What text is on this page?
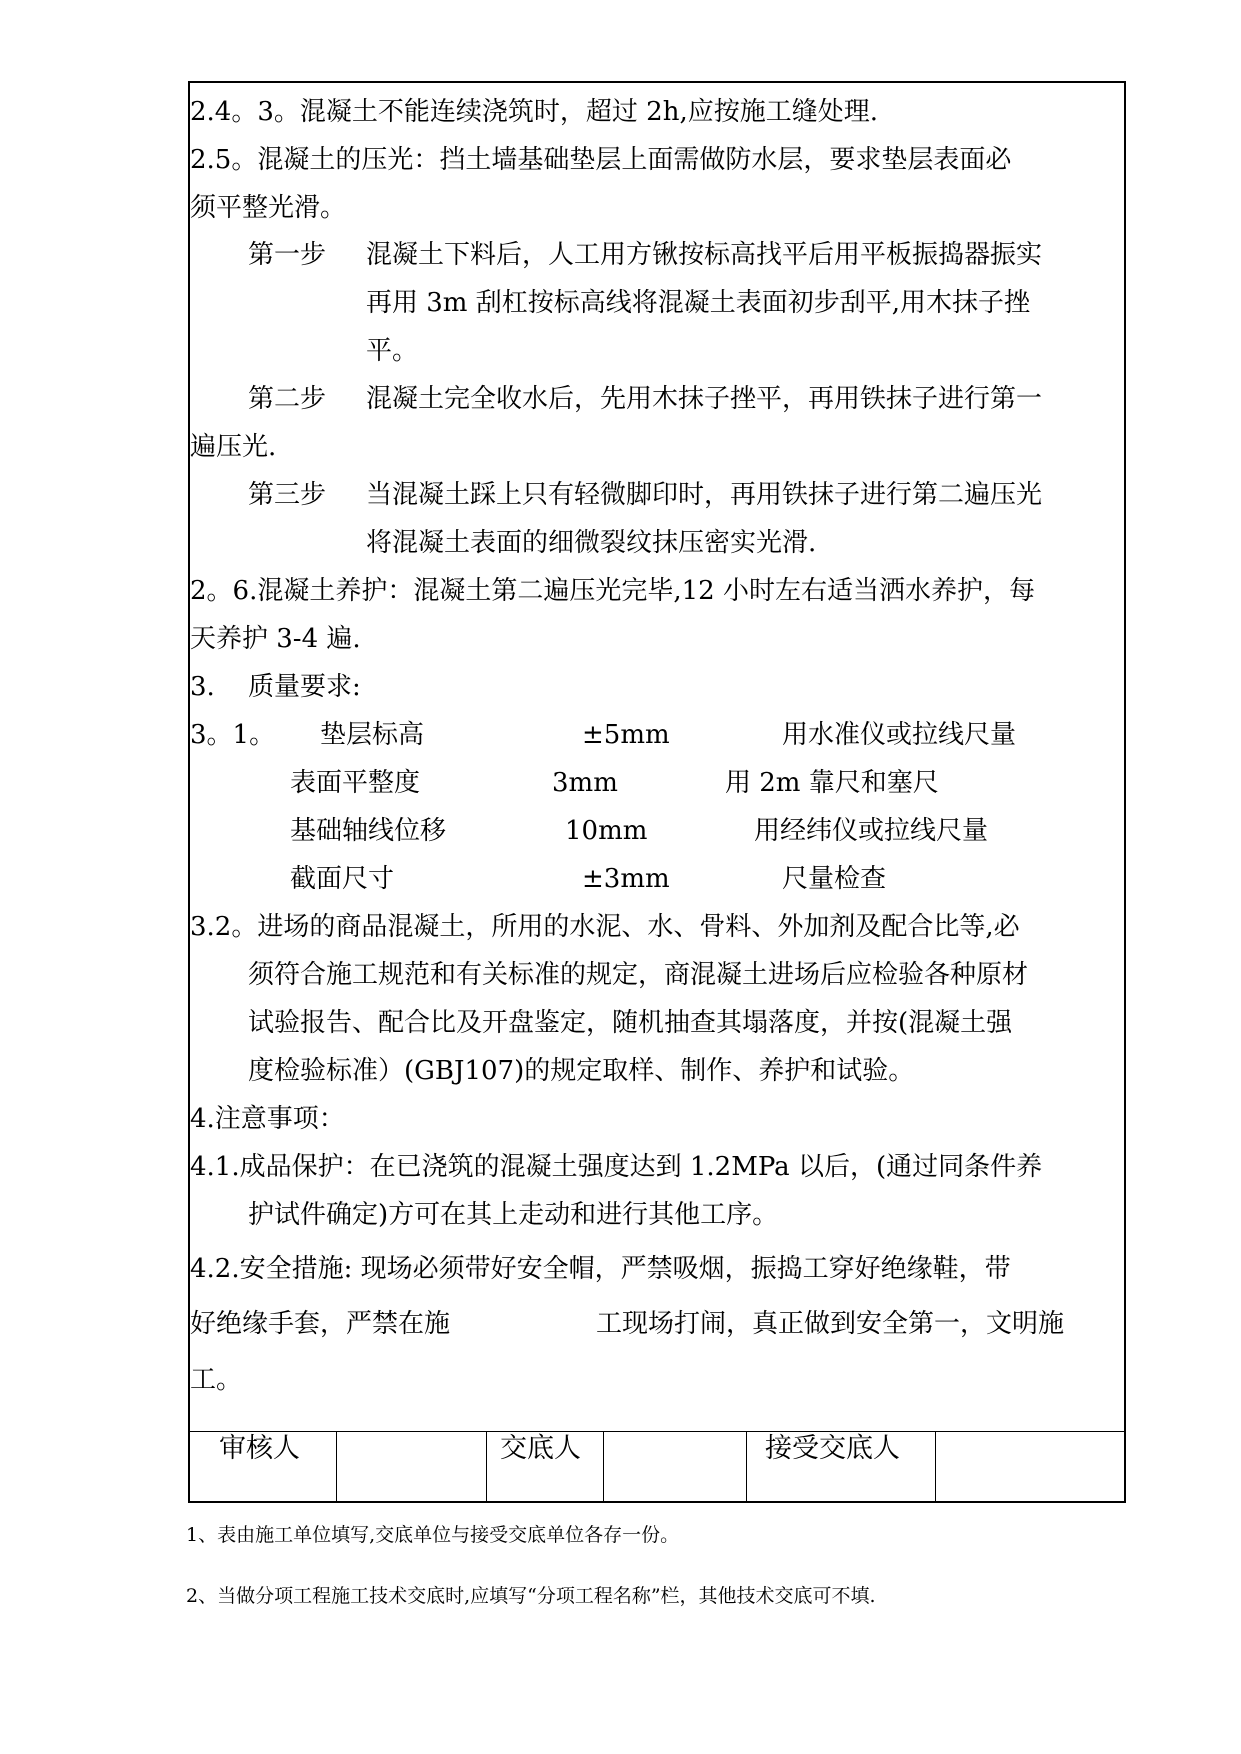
2.4。3。混凝土不能连续浇筑时，超过 2h,应按施工缝处理.
2.5。混凝土的压光：挡土墙基础垫层上面需做防水层，要求垫层表面必
须平整光滑。
第一步 混凝土下料后，人工用方锹按标高找平后用平板振捣器振实
再用 3m 刮杠按标高线将混凝土表面初步刮平,用木抹子挫
平。
第二步 混凝土完全收水后，先用木抹子挫平，再用铁抹子进行第一
遍压光.
第三步 当混凝土踩上只有轻微脚印时，再用铁抹子进行第二遍压光
将混凝土表面的细微裂纹抹压密实光滑.
2。6.混凝土养护：混凝土第二遍压光完毕,12 小时左右适当洒水养护，每
天养护 3-4 遍.
3. 质量要求:
3。1。 垫层标高	±5mm	用水准仪或拉线尺量
表面平整度	3mm	用 2m 靠尺和塞尺
基础轴线位移	10mm	用经纬仪或拉线尺量
截面尺寸	±3mm	尺量检查
3.2。进场的商品混凝土，所用的水泥、水、骨料、外加剂及配合比等,必
须符合施工规范和有关标准的规定，商混凝土进场后应检验各种原材
试验报告、配合比及开盘鉴定，随机抽查其塌落度，并按(混凝土强
度检验标准）(GBJ107)的规定取样、制作、养护和试验。
4.注意事项：
4.1.成品保护：在已浇筑的混凝土强度达到 1.2MPa 以后，(通过同条件养
护试件确定)方可在其上走动和进行其他工序。
4.2.安全措施: 现场必须带好安全帽，严禁吸烟，振捣工穿好绝缘鞋，带
好绝缘手套，严禁在施	工现场打闹，真正做到安全第一，文明施
工。
审核人	交底人	接受交底人
1、表由施工单位填写,交底单位与接受交底单位各存一份。
2、当做分项工程施工技术交底时,应填写“分项工程名称”栏，其他技术交底可不填.
